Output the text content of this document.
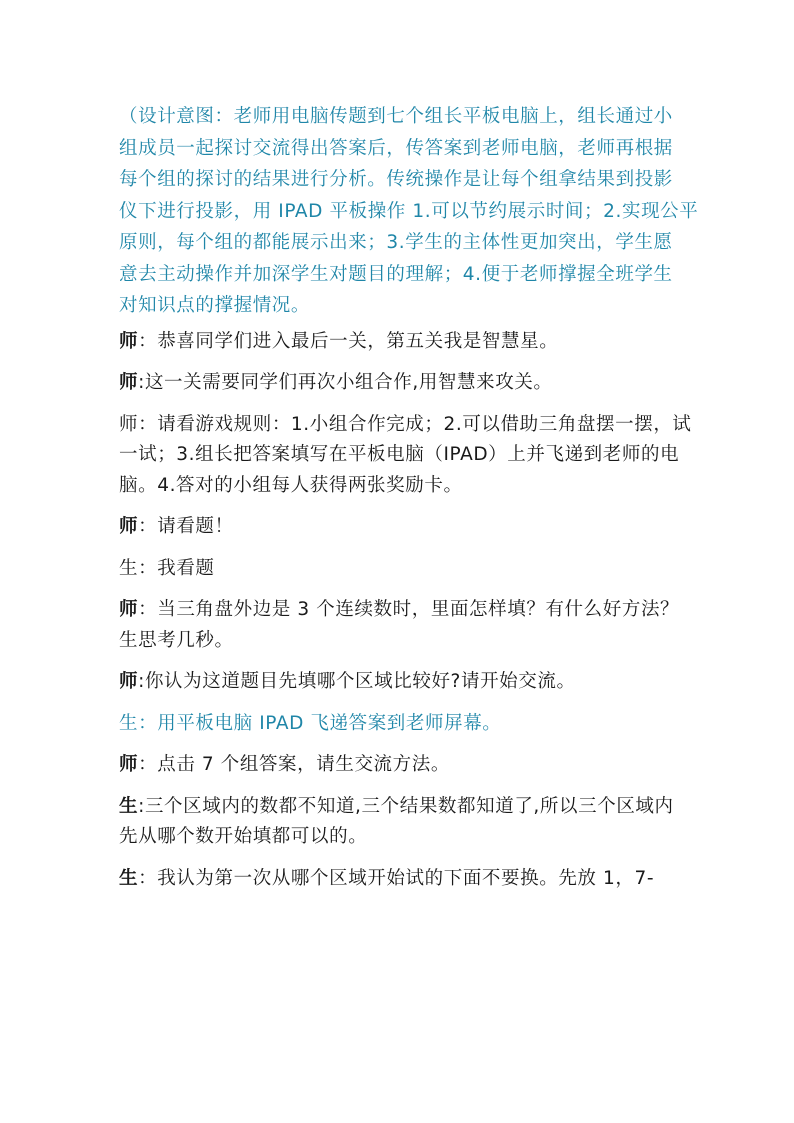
（设计意图：老师用电脑传题到七个组长平板电脑上，组长通过小
组成员一起探讨交流得出答案后，传答案到老师电脑，老师再根据
每个组的探讨的结果进行分析。传统操作是让每个组拿结果到投影
仪下进行投影，用 IPAD 平板操作 1.可以节约展示时间；2.实现公平
原则，每个组的都能展示出来；3.学生的主体性更加突出，学生愿
意去主动操作并加深学生对题目的理解；4.便于老师撑握全班学生
对知识点的撑握情况。

师：恭喜同学们进入最后一关，第五关我是智慧星。

师:这一关需要同学们再次小组合作,用智慧来攻关。

师：请看游戏规则：1.小组合作完成；2.可以借助三角盘摆一摆，试
一试；3.组长把答案填写在平板电脑（IPAD）上并飞递到老师的电
脑。4.答对的小组每人获得两张奖励卡。

师：请看题！

生：我看题

师：当三角盘外边是 3 个连续数时，里面怎样填？有什么好方法？
生思考几秒。

师:你认为这道题目先填哪个区域比较好?请开始交流。

生：用平板电脑 IPAD 飞递答案到老师屏幕。

师：点击 7 个组答案，请生交流方法。

生:三个区域内的数都不知道,三个结果数都知道了,所以三个区域内
先从哪个数开始填都可以的。

生：我认为第一次从哪个区域开始试的下面不要换。先放 1，7-
